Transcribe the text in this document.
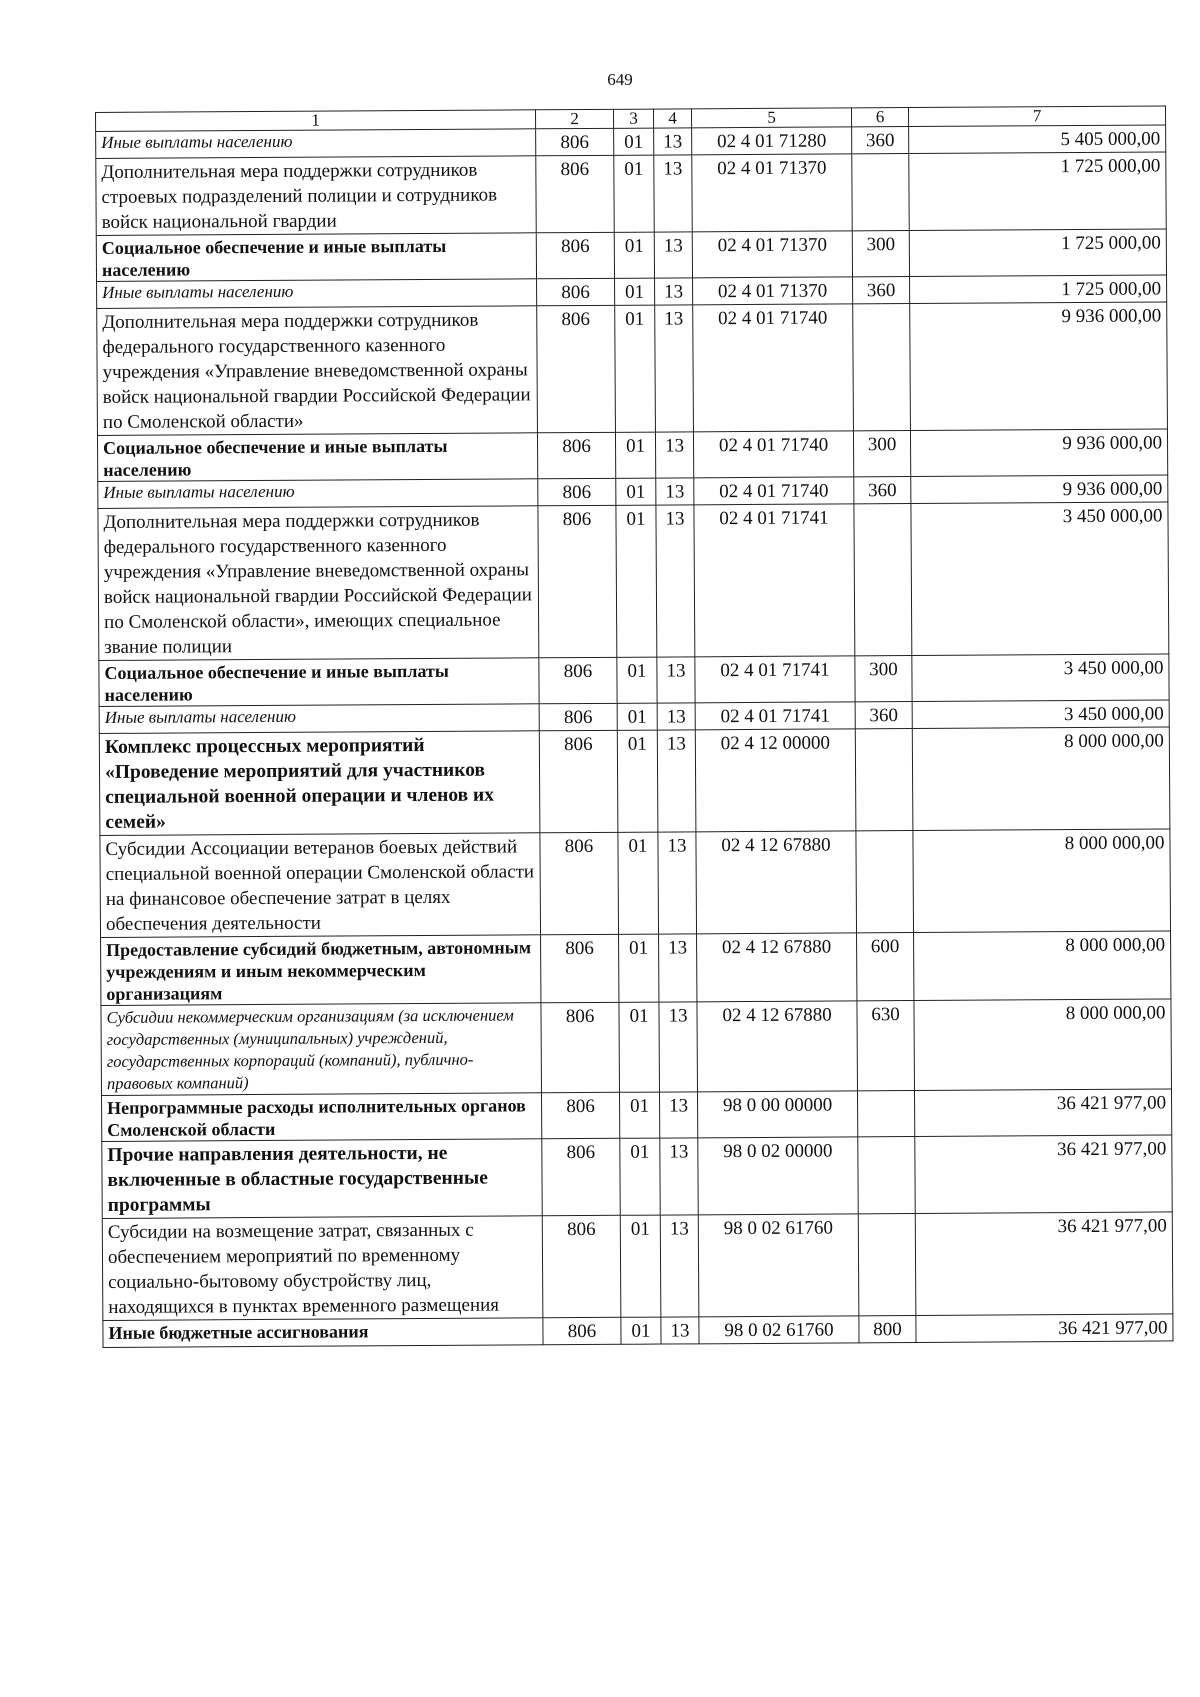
649
1	2	3	4	5	6	7
Иные выплаты населению	806	01	13	02 4 01 71280	360	5 405 000,00
Дополнительная мера поддержки сотрудников строевых подразделений полиции и сотрудников войск национальной гвардии	806	01	13	02 4 01 71370		1 725 000,00
Социальное обеспечение и иные выплаты населению	806	01	13	02 4 01 71370	300	1 725 000,00
Иные выплаты населению	806	01	13	02 4 01 71370	360	1 725 000,00
Дополнительная мера поддержки сотрудников федерального государственного казенного учреждения «Управление вневедомственной охраны войск национальной гвардии Российской Федерации по Смоленской области»	806	01	13	02 4 01 71740		9 936 000,00
Социальное обеспечение и иные выплаты населению	806	01	13	02 4 01 71740	300	9 936 000,00
Иные выплаты населению	806	01	13	02 4 01 71740	360	9 936 000,00
Дополнительная мера поддержки сотрудников федерального государственного казенного учреждения «Управление вневедомственной охраны войск национальной гвардии Российской Федерации по Смоленской области», имеющих специальное звание полиции	806	01	13	02 4 01 71741		3 450 000,00
Социальное обеспечение и иные выплаты населению	806	01	13	02 4 01 71741	300	3 450 000,00
Иные выплаты населению	806	01	13	02 4 01 71741	360	3 450 000,00
Комплекс процессных мероприятий «Проведение мероприятий для участников специальной военной операции и членов их семей»	806	01	13	02 4 12 00000		8 000 000,00
Субсидии Ассоциации ветеранов боевых действий специальной военной операции Смоленской области на финансовое обеспечение затрат в целях обеспечения деятельности	806	01	13	02 4 12 67880		8 000 000,00
Предоставление субсидий бюджетным, автономным учреждениям и иным некоммерческим организациям	806	01	13	02 4 12 67880	600	8 000 000,00
Субсидии некоммерческим организациям (за исключением государственных (муниципальных) учреждений, государственных корпораций (компаний), публично-правовых компаний)	806	01	13	02 4 12 67880	630	8 000 000,00
Непрограммные расходы исполнительных органов Смоленской области	806	01	13	98 0 00 00000		36 421 977,00
Прочие направления деятельности, не включенные в областные государственные программы	806	01	13	98 0 02 00000		36 421 977,00
Субсидии на возмещение затрат, связанных с обеспечением мероприятий по временному социально-бытовому обустройству лиц, находящихся в пунктах временного размещения	806	01	13	98 0 02 61760		36 421 977,00
Иные бюджетные ассигнования	806	01	13	98 0 02 61760	800	36 421 977,00
